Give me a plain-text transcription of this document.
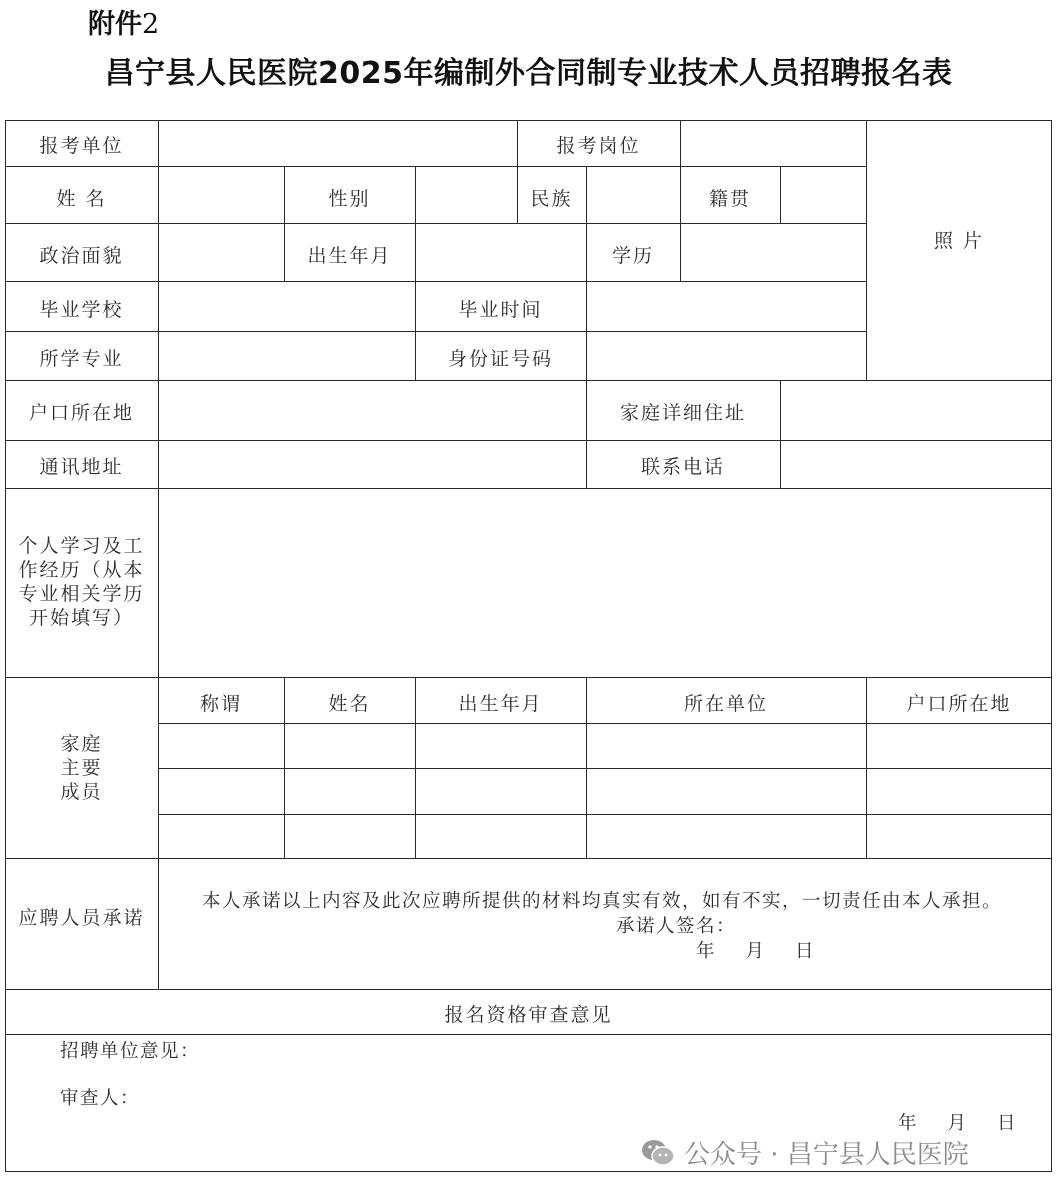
附件2
昌宁县人民医院2025年编制外合同制专业技术人员招聘报名表
报考单位	报考岗位
照 片
姓 名	性别	民族	籍贯
政治面貌	出生年月	学历
毕业学校	毕业时间
所学专业	身份证号码
户口所在地	家庭详细住址
通讯地址	联系电话
个人学习及工
作经历（从本
专业相关学历
开始填写）
家庭
主要
成员
称谓	姓名	出生年月	所在单位	户口所在地
应聘人员承诺
本人承诺以上内容及此次应聘所提供的材料均真实有效，如有不实，一切责任由本人承担。
承诺人签名：
年    月    日
报名资格审查意见
招聘单位意见：
审查人：
年    月    日
公众号 · 昌宁县人民医院
